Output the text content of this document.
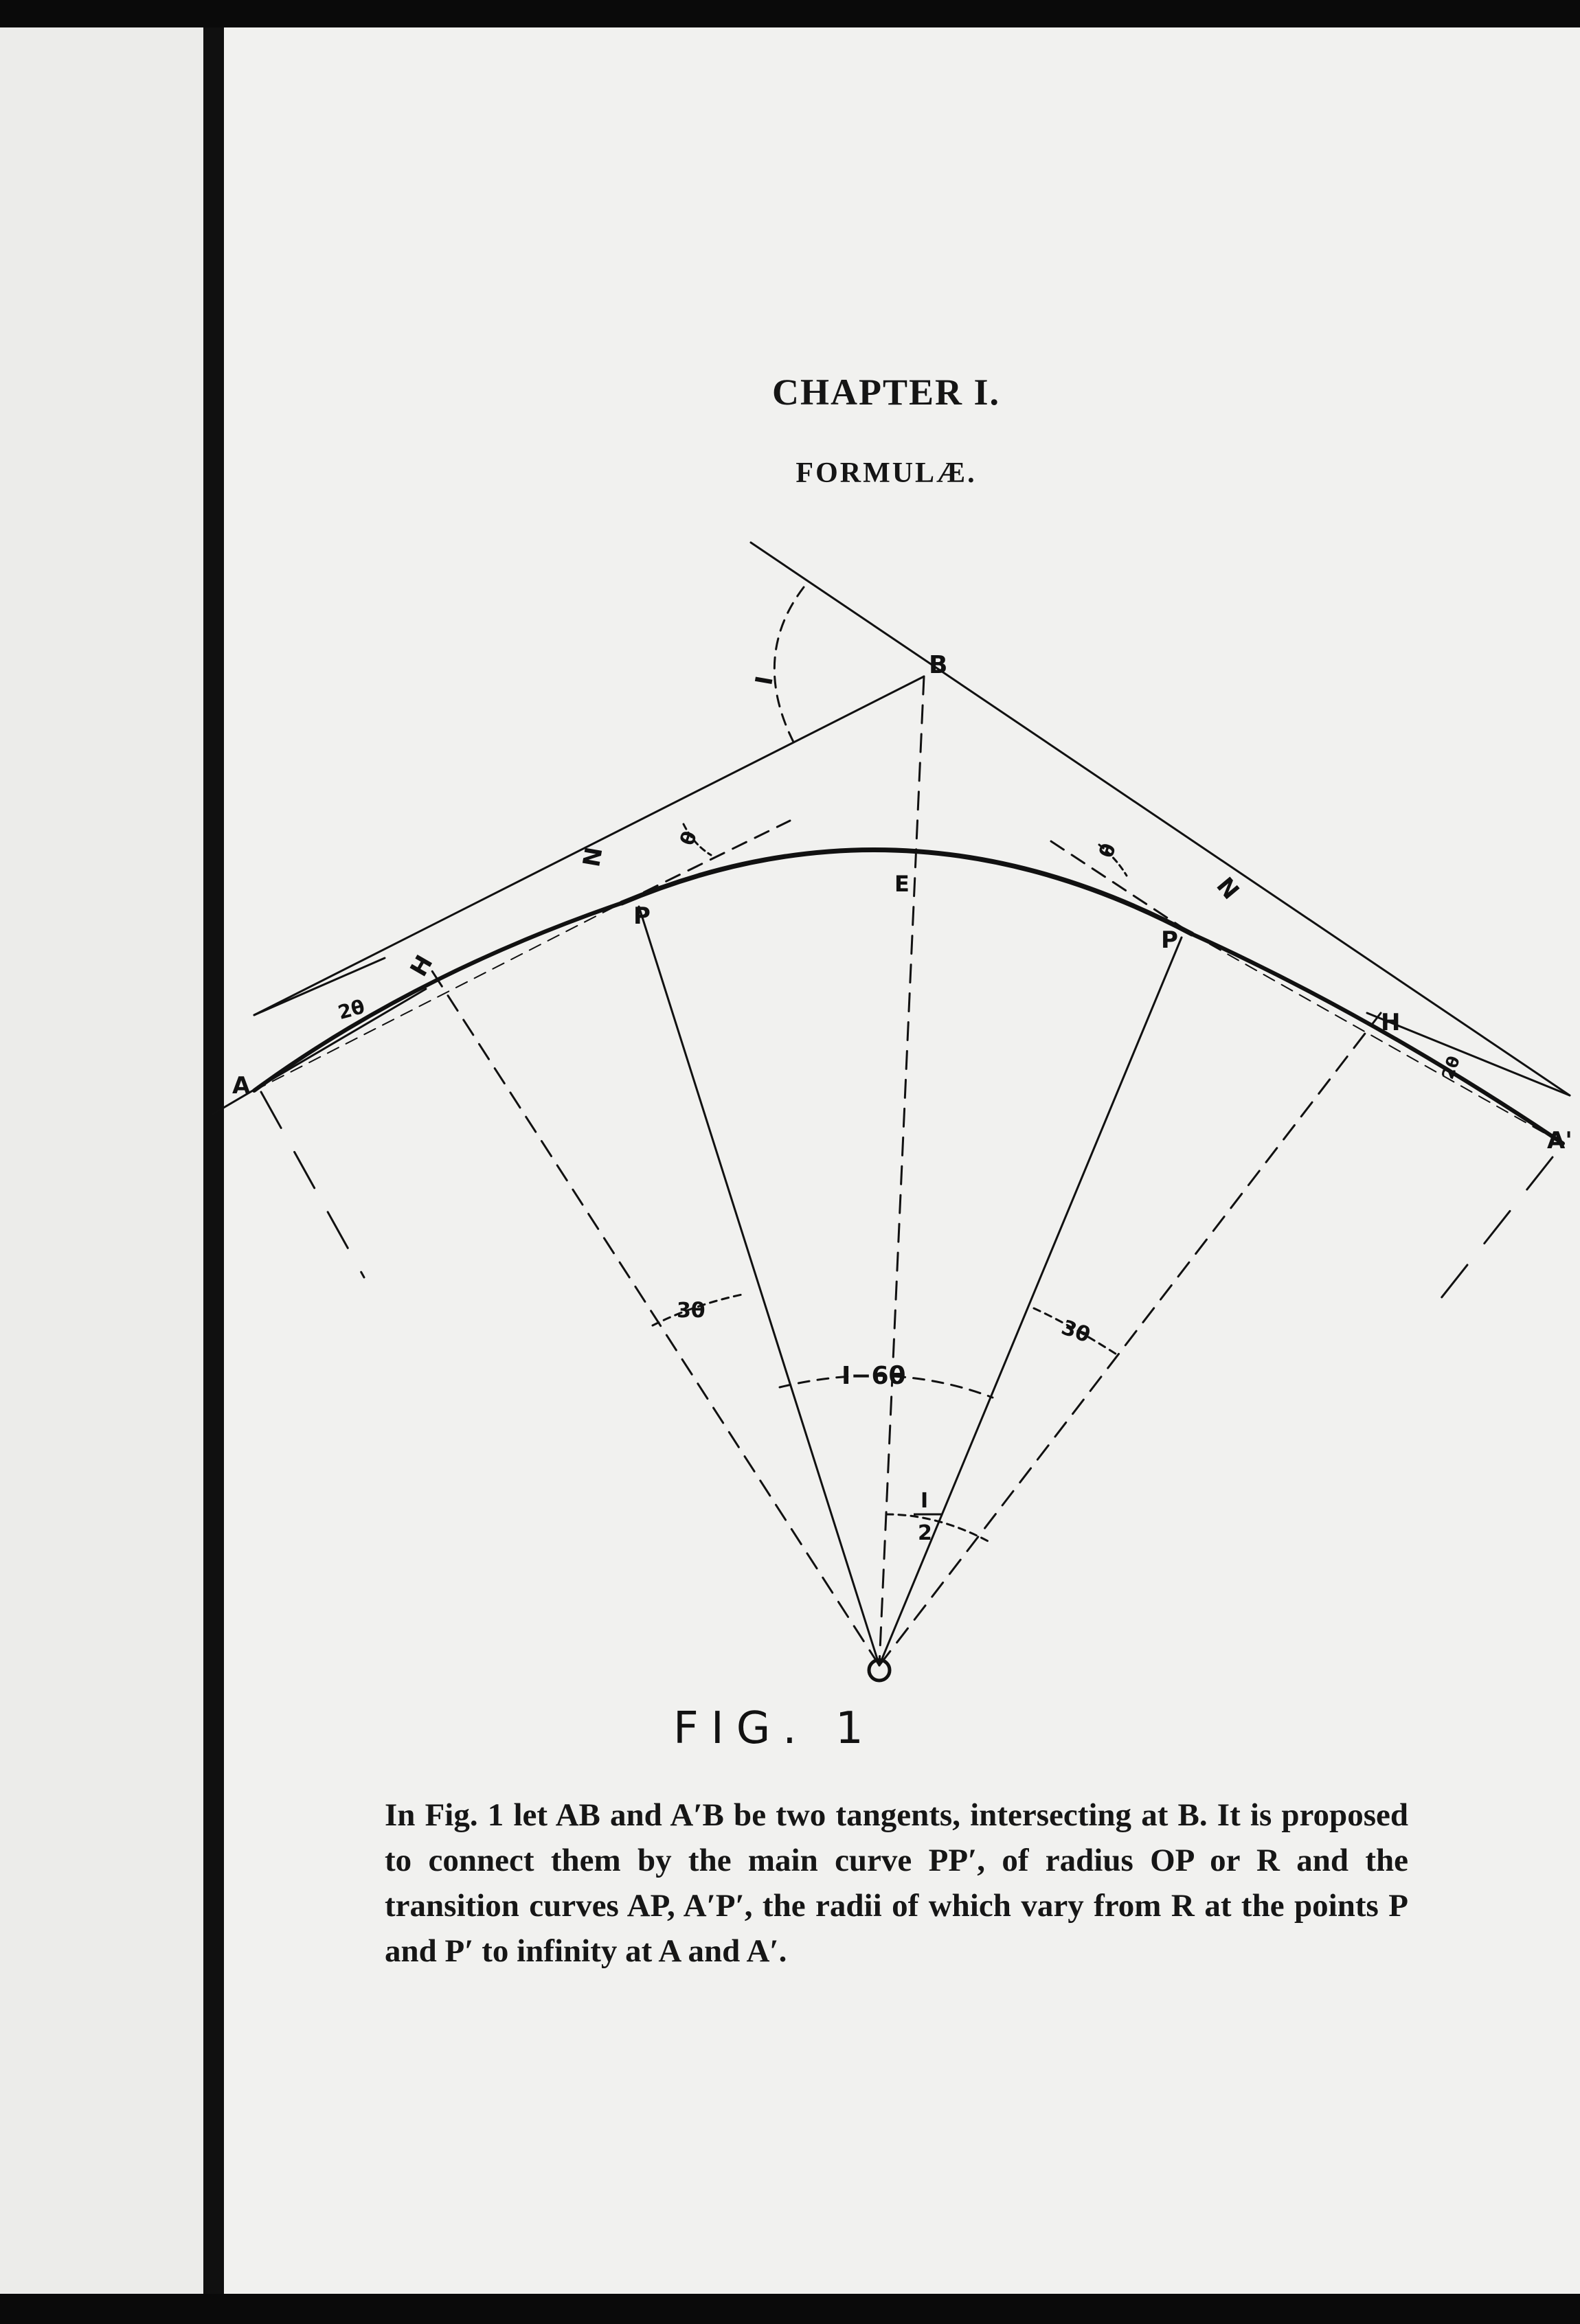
CHAPTER I.
FORMULÆ.
B
E
N
N
P
P
H
H
A
A'
I
θ
θ
2θ
2θ
3θ
3θ
I−6θ
I
2
FIG. 1

In Fig. 1 let AB and A′B be two tangents, intersecting at B. It is proposed to connect them by the main curve PP′, of radius OP or R and the transition curves AP, A′P′, the radii of which vary from R at the points P and P′ to infinity at A and A′.
